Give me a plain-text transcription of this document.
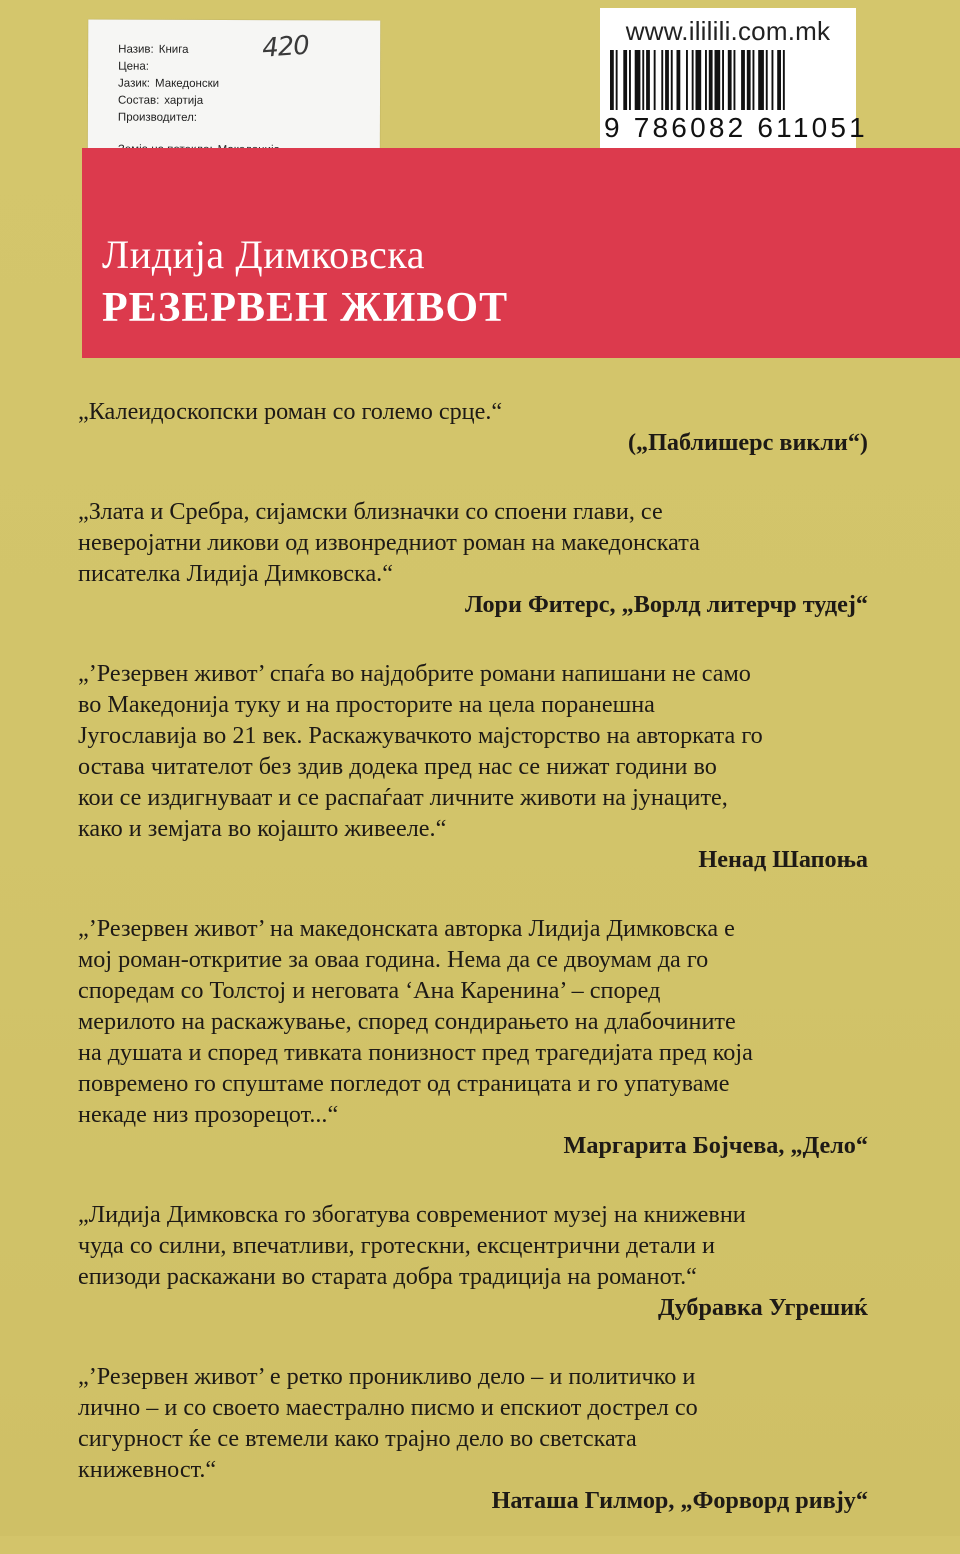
Назив: Книга
Цена:
Јазик: Македонски
Состав: хартија
Производител:
420	www.ililili.com.mk
9 786082 611051
Лидија Димковска
РЕЗЕРВЕН ЖИВОТ

„Калеидоскопски роман со големо срце.“

(„Паблишерс викли“)

„Злата и Сребра, сијамски близначки со споени глави, се
неверојатни ликови од извонредниот роман на македонската
писателка Лидија Димковска.“

Лори Фитерс, „Ворлд литерчр тудеј“

„’Резервен живот’ спаѓа во најдобрите романи напишани не само
во Македонија туку и на просторите на цела поранешна
Југославија во 21 век. Раскажувачкото мајсторство на авторката го
остава читателот без здив додека пред нас се нижат години во
кои се издигнуваат и се распаѓаат личните животи на јунаците,
како и земјата во којашто живееле.“

Ненад Шапоња

„’Резервен живот’ на македонската авторка Лидија Димковска е
мој роман-откритие за оваа година. Нема да се двоумам да го
споредам со Толстој и неговата ‘Ана Каренина’ – според
мерилото на раскажување, според сондирањето на длабочините
на душата и според тивката понизност пред трагедијата пред која
повремено го спуштаме погледот од страницата и го упатуваме
некаде низ прозорецот...“

Маргарита Бојчева, „Дело“

„Лидија Димковска го збогатува современиот музеј на книжевни
чуда со силни, впечатливи, гротескни, ексцентрични детали и
епизоди раскажани во старата добра традиција на романот.“

Дубравка Угрешиќ

„’Резервен живот’ е ретко проникливо дело – и политичко и
лично – и со своето маестрално писмо и епскиот дострел со
сигурност ќе се втемели како трајно дело во светската
книжевност.“

Наташа Гилмор, „Форворд ривју“
